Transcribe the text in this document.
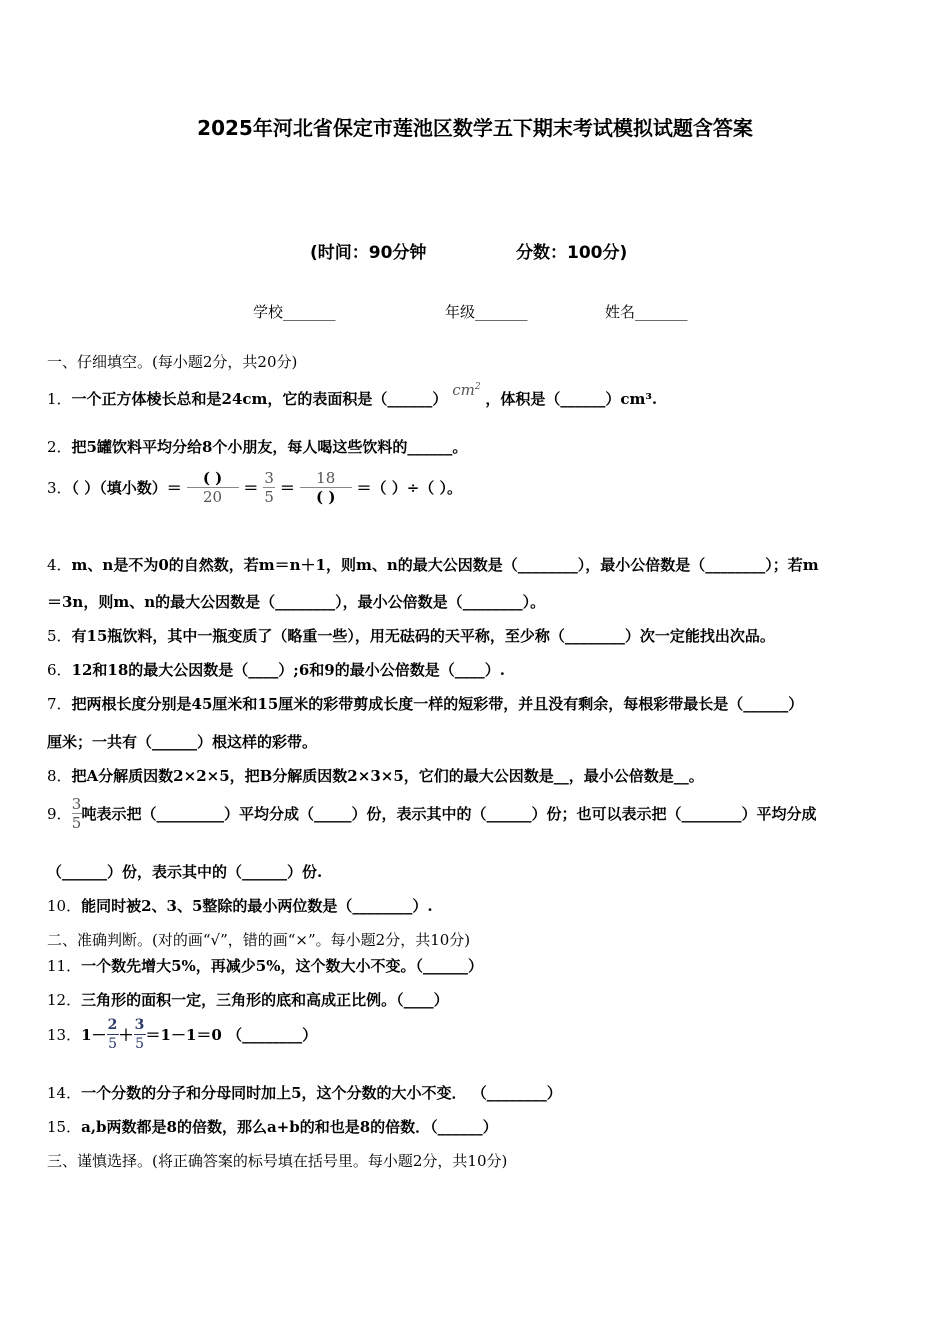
2025年河北省保定市莲池区数学五下期末考试模拟试题含答案
(时间：90分钟	分数：100分)
学校_______	年级_______	姓名_______
一、仔细填空。(每小题2分，共20分)
1．一个正方体棱长总和是24cm，它的表面积是（______） $cm^2$ ，体积是（______）cm³.
2．把5罐饮料平均分给8个小朋友，每人喝这些饮料的______。
3．（ ）（填小数）＝ $\frac{( )}{20} = \frac{3}{5} = \frac{18}{( )}$ ＝（ ）÷（ ）。
4．m、n是不为0的自然数，若m＝n＋1，则m、n的最大公因数是（________），最小公倍数是（________）；若m
＝3n，则m、n的最大公因数是（________），最小公倍数是（________）。
5．有15瓶饮料，其中一瓶变质了（略重一些），用无砝码的天平称，至少称（________）次一定能找出次品。
6．12和18的最大公因数是（____）;6和9的最小公倍数是（____）.
7．把两根长度分别是45厘米和15厘米的彩带剪成长度一样的短彩带，并且没有剩余，每根彩带最长是（______）
厘米；一共有（______）根这样的彩带。
8．把A分解质因数2×2×5，把B分解质因数2×3×5，它们的最大公因数是__，最小公倍数是__。
9． $\frac{3}{5}$ 吨表示把（_________）平均分成（_____）份，表示其中的（______）份；也可以表示把（________）平均分成
（______）份，表示其中的（______）份.
10．能同时被2、3、5整除的最小两位数是（________）.
二、准确判断。(对的画“√”，错的画“×”。每小题2分，共10分)
11．一个数先增大5%，再减少5%，这个数大小不变。（______）
12．三角形的面积一定，三角形的底和高成正比例。（____）
13．$1- \frac{2}{5} + \frac{3}{5} =1-1=0$ （________）
14．一个分数的分子和分母同时加上5，这个分数的大小不变． （________）
15．a,b两数都是8的倍数，那么a+b的和也是8的倍数．（______）
三、谨慎选择。(将正确答案的标号填在括号里。每小题2分，共10分)
